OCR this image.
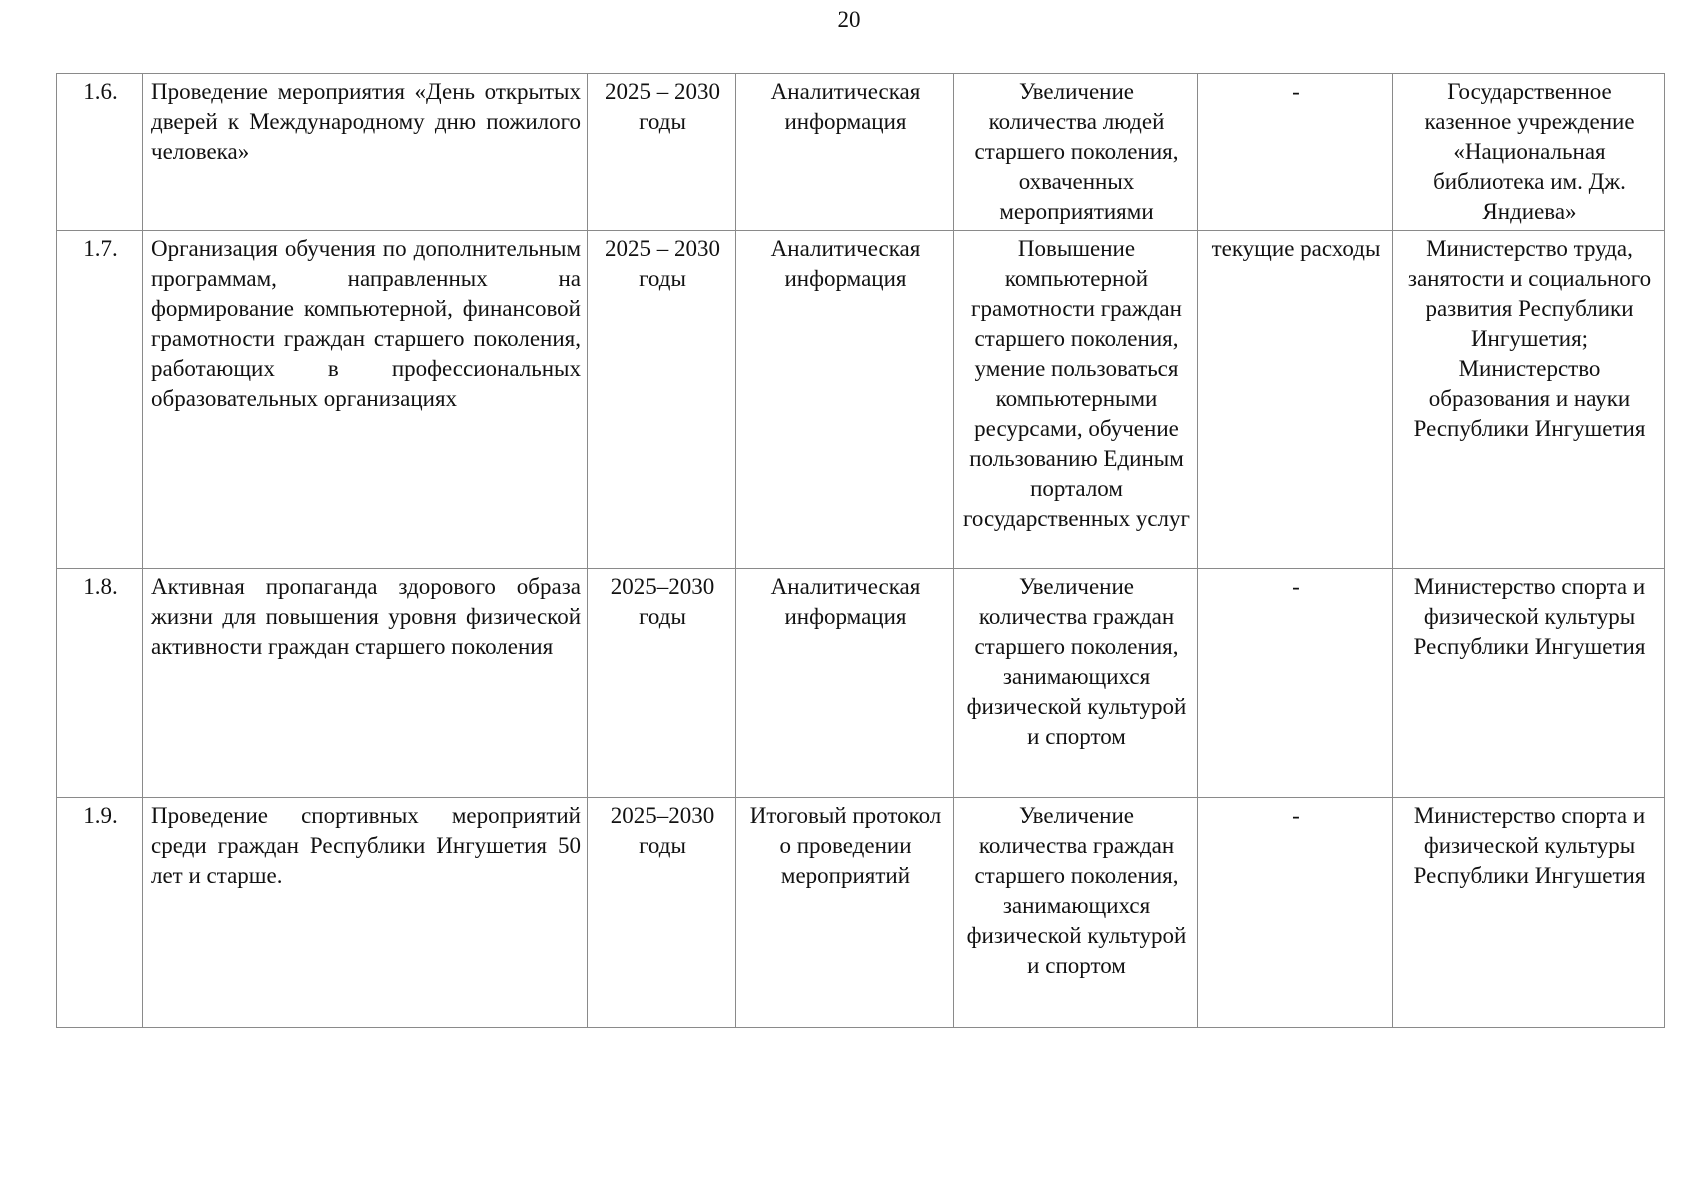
20
1.6.	Проведение мероприятия «День открытых дверей к Международному дню пожилого человека»	2025 – 2030 годы	Аналитическая информация	Увеличение количества людей старшего поколения, охваченных мероприятиями	-	Государственное казенное учреждение «Национальная библиотека им. Дж. Яндиева»
1.7.	Организация обучения по дополнительным программам, направленных на формирование компьютерной, финансовой грамотности граждан старшего поколения, работающих в профессиональных образовательных организациях	2025 – 2030 годы	Аналитическая информация	Повышение компьютерной грамотности граждан старшего поколения, умение пользоваться компьютерными ресурсами, обучение пользованию Единым порталом государственных услуг	текущие расходы	Министерство труда, занятости и социального развития Республики Ингушетия; Министерство образования и науки Республики Ингушетия
1.8.	Активная пропаганда здорового образа жизни для повышения уровня физической активности граждан старшего поколения	2025–2030 годы	Аналитическая информация	Увеличение количества граждан старшего поколения, занимающихся физической культурой и спортом	-	Министерство спорта и физической культуры Республики Ингушетия
1.9.	Проведение спортивных мероприятий среди граждан Республики Ингушетия 50 лет и старше.	2025–2030 годы	Итоговый протокол о проведении мероприятий	Увеличение количества граждан старшего поколения, занимающихся физической культурой и спортом	-	Министерство спорта и физической культуры Республики Ингушетия
